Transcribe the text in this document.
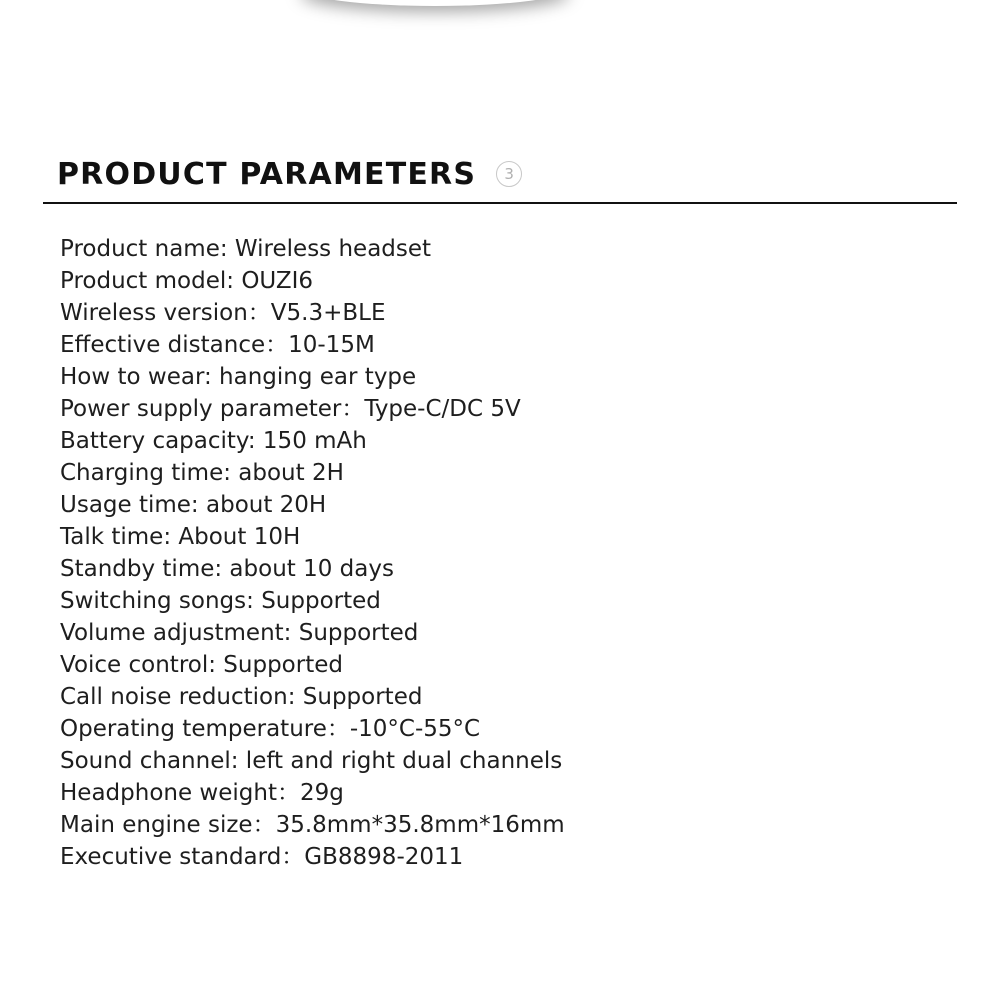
PRODUCT PARAMETERS	3
Product name: Wireless headset
Product model: OUZI6
Wireless version：V5.3+BLE
Effective distance：10-15M
How to wear: hanging ear type
Power supply parameter：Type-C/DC 5V
Battery capacity: 150 mAh
Charging time: about 2H
Usage time: about 20H
Talk time: About 10H
Standby time: about 10 days
Switching songs: Supported
Volume adjustment: Supported
Voice control: Supported
Call noise reduction: Supported
Operating temperature：-10°C-55°C
Sound channel: left and right dual channels
Headphone weight：29g
Main engine size：35.8mm*35.8mm*16mm
Executive standard：GB8898-2011
